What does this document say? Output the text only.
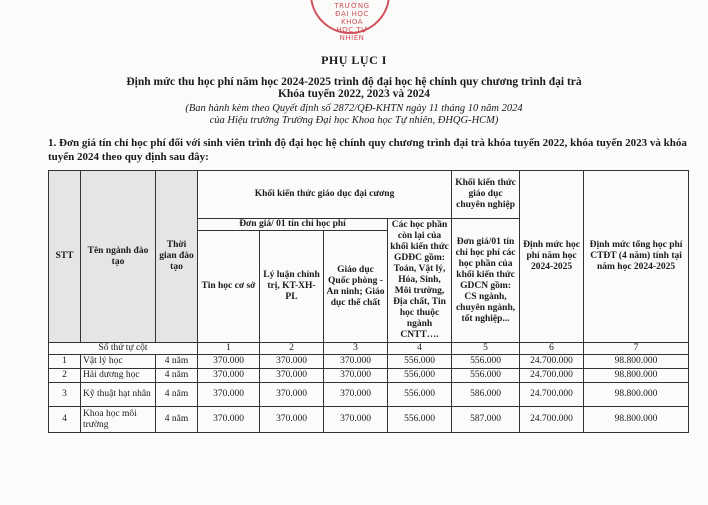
TRƯỜNG ĐẠI HỌC KHOA HỌC TỰ NHIÊN
PHỤ LỤC I
Định mức thu học phí năm học 2024-2025 trình độ đại học hệ chính quy chương trình đại trà
Khóa tuyển 2022, 2023 và 2024
(Ban hành kèm theo Quyết định số 2872/QĐ-KHTN ngày 11 tháng 10 năm 2024
của Hiệu trưởng Trường Đại học Khoa học Tự nhiên, ĐHQG-HCM)
1. Đơn giá tín chỉ học phí đối với sinh viên trình độ đại học hệ chính quy chương trình đại trà khóa tuyển 2022, khóa tuyển 2023 và khóa tuyển 2024 theo quy định sau đây:
STT	Tên ngành đào tạo	Thời gian đào tạo	Khối kiến thức giáo dục đại cương				Khối kiến thức giáo dục chuyên nghiệp	Định mức học phí năm học 2024-2025	Định mức tổng học phí CTĐT (4 năm) tính tại năm học 2024-2025
			Đơn giá/ 01 tín chỉ học phí			Các học phần còn lại của khối kiến thức GDĐC gồm: Toán, Vật lý, Hóa, Sinh, Môi trường, Địa chất, Tin học thuộc ngành CNTT….	Đơn giá/01 tín chỉ học phí các học phần của khối kiến thức GDCN gồm: CS ngành, chuyên ngành, tốt nghiệp...		
			Tin học cơ sở	Lý luận chính trị, KT-XH-PL	Giáo dục Quốc phòng - An ninh; Giáo dục thể chất				
Số thứ tự cột			1	2	3	4	5	6	7
1	Vật lý học	4 năm	370.000	370.000	370.000	556.000	556.000	24.700.000	98.800.000
2	Hải dương học	4 năm	370.000	370.000	370.000	556.000	556.000	24.700.000	98.800.000
3	Kỹ thuật hạt nhân	4 năm	370.000	370.000	370.000	556.000	586.000	24.700.000	98.800.000
4	Khoa học môi trường	4 năm	370.000	370.000	370.000	556.000	587.000	24.700.000	98.800.000
